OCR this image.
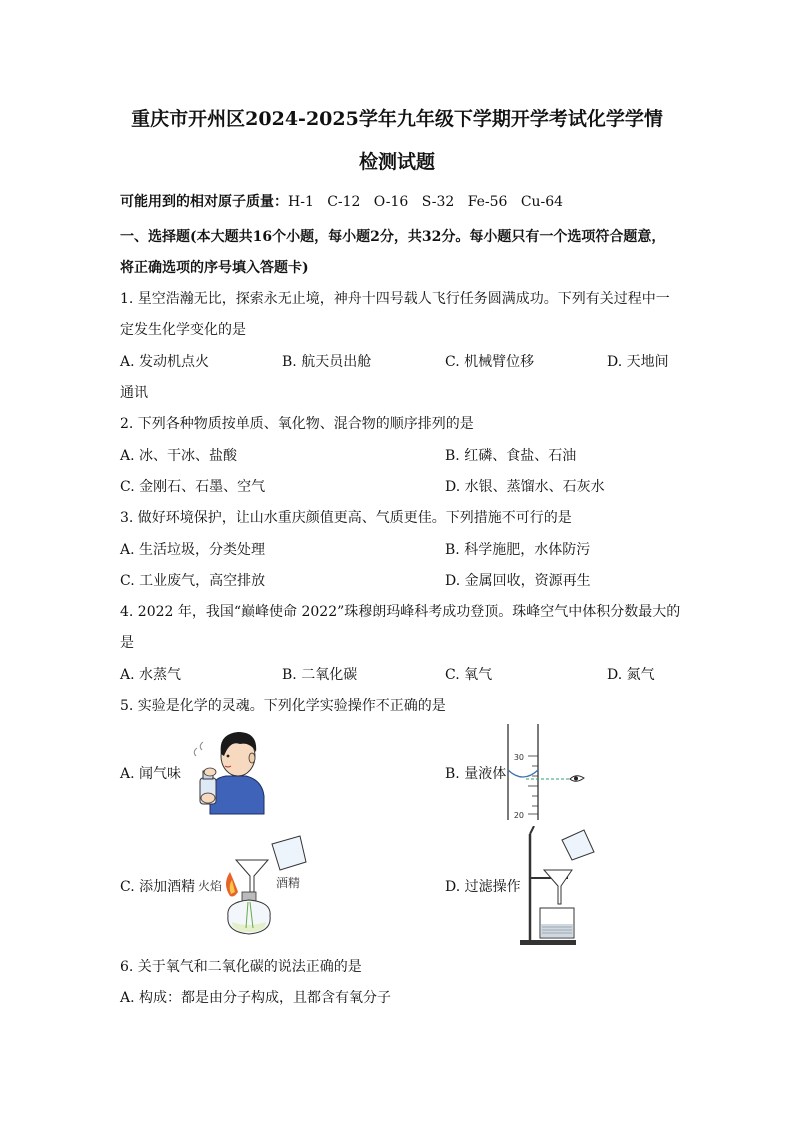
重庆市开州区2024-2025学年九年级下学期开学考试化学学情
检测试题
可能用到的相对原子质量：H-1   C-12   O-16   S-32   Fe-56   Cu-64
一、选择题(本大题共16个小题，每小题2分，共32分。每小题只有一个选项符合题意，
将正确选项的序号填入答题卡)
1. 星空浩瀚无比，探索永无止境，神舟十四号载人飞行任务圆满成功。下列有关过程中一
定发生化学变化的是
A. 发动机点火	B. 航天员出舱	C. 机械臂位移	D. 天地间
通讯
2. 下列各种物质按单质、氧化物、混合物的顺序排列的是
A. 冰、干冰、盐酸	B. 红磷、食盐、石油
C. 金刚石、石墨、空气	D. 水银、蒸馏水、石灰水
3. 做好环境保护，让山水重庆颜值更高、气质更佳。下列措施不可行的是
A. 生活垃圾，分类处理	B. 科学施肥，水体防污
C. 工业废气，高空排放	D. 金属回收，资源再生
4. 2022 年，我国“巅峰使命 2022”珠穆朗玛峰科考成功登顶。珠峰空气中体积分数最大的
是
A. 水蒸气	B. 二氧化碳	C. 氧气	D. 氮气
5. 实验是化学的灵魂。下列化学实验操作不正确的是
A. 闻气味	B. 量液体
30
20
C. 添加酒精	酒精
火焰	D. 过滤操作
6. 关于氧气和二氧化碳的说法正确的是
A. 构成：都是由分子构成，且都含有氧分子
